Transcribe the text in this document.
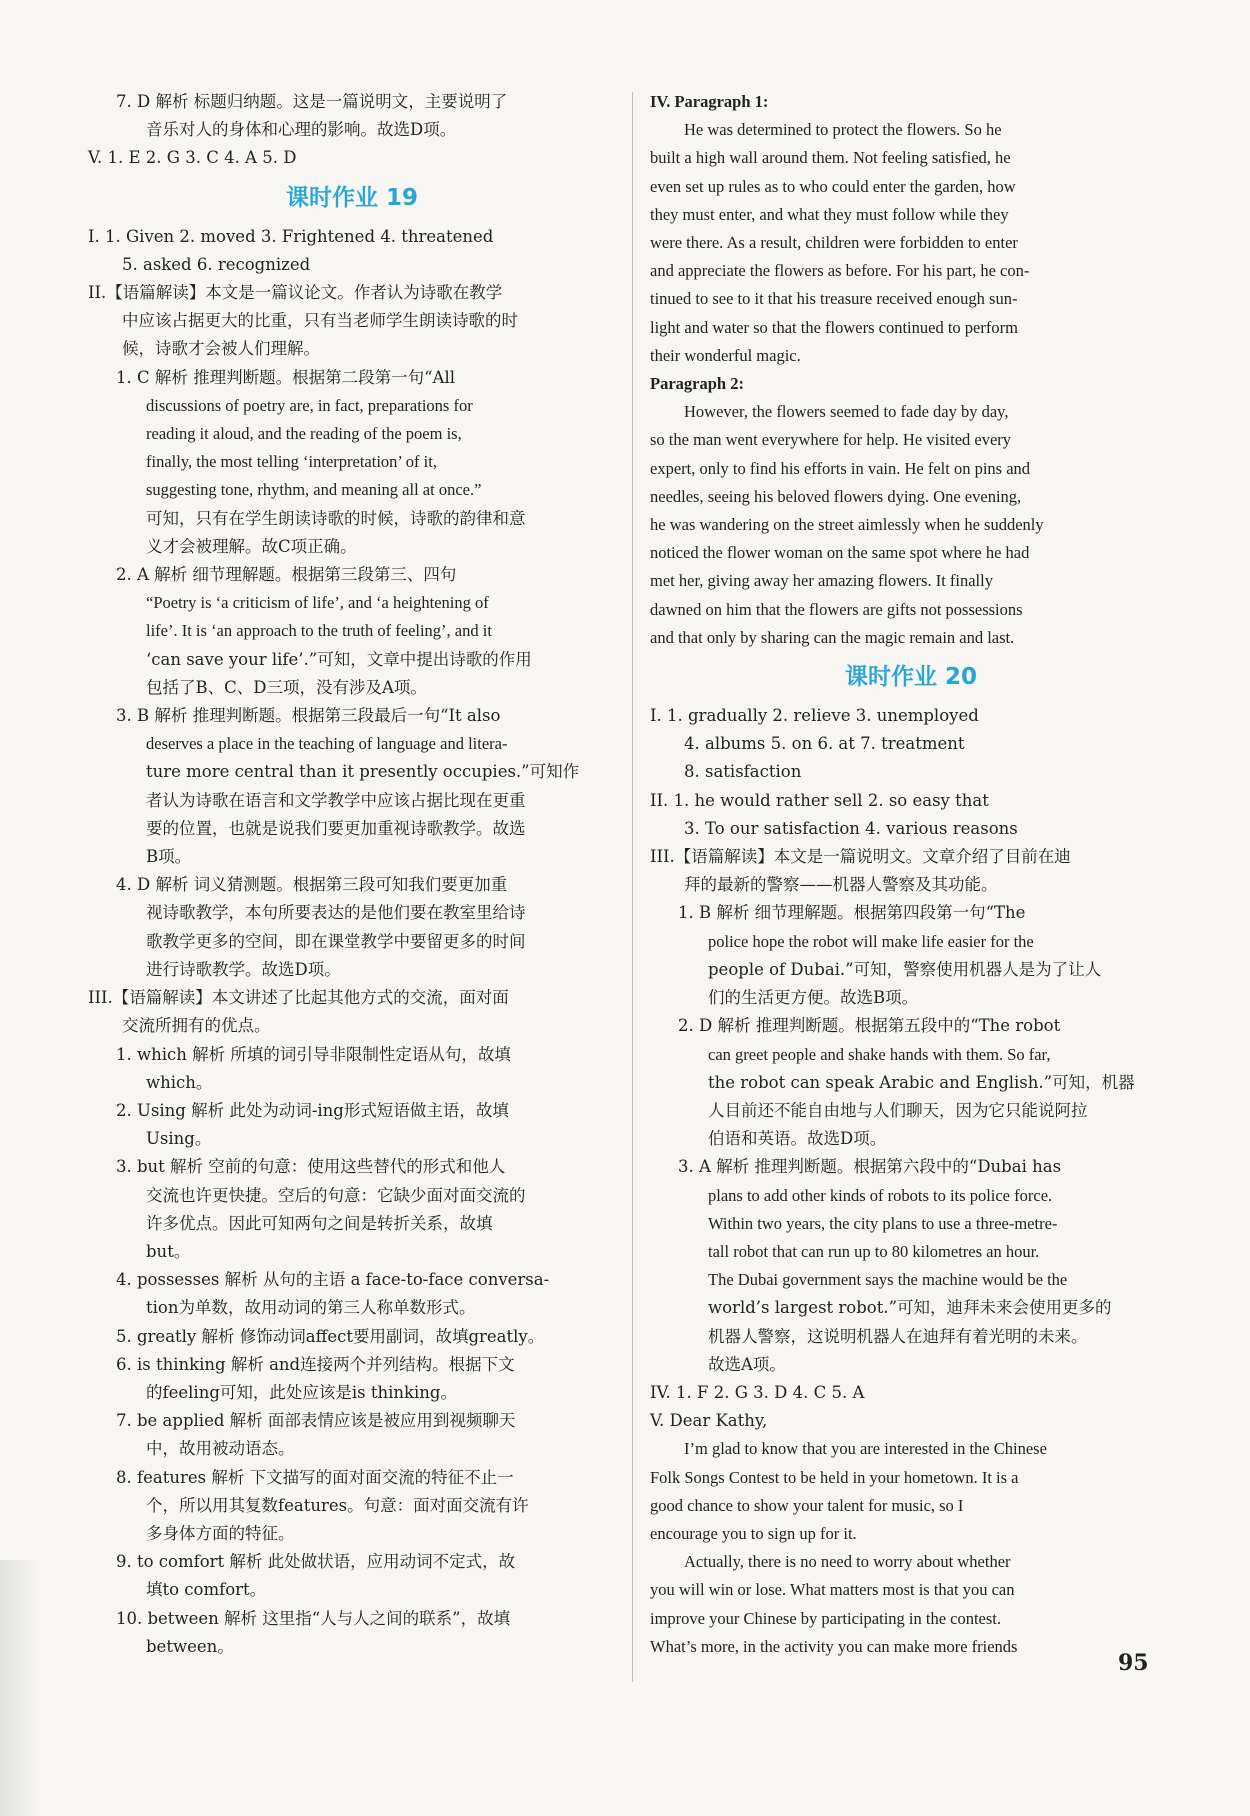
7. D 解析 标题归纳题。这是一篇说明文，主要说明了
音乐对人的身体和心理的影响。故选D项。
V. 1. E 2. G 3. C 4. A 5. D
课时作业 19
I. 1. Given 2. moved 3. Frightened 4. threatened
5. asked 6. recognized
II.【语篇解读】本文是一篇议论文。作者认为诗歌在教学
中应该占据更大的比重，只有当老师学生朗读诗歌的时
候，诗歌才会被人们理解。
1. C 解析 推理判断题。根据第二段第一句“All
discussions of poetry are, in fact, preparations for
reading it aloud, and the reading of the poem is,
finally, the most telling ‘interpretation’ of it,
suggesting tone, rhythm, and meaning all at once.”
可知，只有在学生朗读诗歌的时候，诗歌的韵律和意
义才会被理解。故C项正确。
2. A 解析 细节理解题。根据第三段第三、四句
“Poetry is ‘a criticism of life’, and ‘a heightening of
life’. It is ‘an approach to the truth of feeling’, and it
‘can save your life’.”可知，文章中提出诗歌的作用
包括了B、C、D三项，没有涉及A项。
3. B 解析 推理判断题。根据第三段最后一句“It also
deserves a place in the teaching of language and litera-
ture more central than it presently occupies.”可知作
者认为诗歌在语言和文学教学中应该占据比现在更重
要的位置，也就是说我们要更加重视诗歌教学。故选
B项。
4. D 解析 词义猜测题。根据第三段可知我们要更加重
视诗歌教学，本句所要表达的是他们要在教室里给诗
歌教学更多的空间，即在课堂教学中要留更多的时间
进行诗歌教学。故选D项。
III.【语篇解读】本文讲述了比起其他方式的交流，面对面
交流所拥有的优点。
1. which 解析 所填的词引导非限制性定语从句，故填
which。
2. Using 解析 此处为动词-ing形式短语做主语，故填
Using。
3. but 解析 空前的句意：使用这些替代的形式和他人
交流也许更快捷。空后的句意：它缺少面对面交流的
许多优点。因此可知两句之间是转折关系，故填
but。
4. possesses 解析 从句的主语 a face-to-face conversa-
tion为单数，故用动词的第三人称单数形式。
5. greatly 解析 修饰动词affect要用副词，故填greatly。
6. is thinking 解析 and连接两个并列结构。根据下文
的feeling可知，此处应该是is thinking。
7. be applied 解析 面部表情应该是被应用到视频聊天
中，故用被动语态。
8. features 解析 下文描写的面对面交流的特征不止一
个，所以用其复数features。句意：面对面交流有许
多身体方面的特征。
9. to comfort 解析 此处做状语，应用动词不定式，故
填to comfort。
10. between 解析 这里指“人与人之间的联系”，故填
between。
IV. Paragraph 1:
He was determined to protect the flowers. So he
built a high wall around them. Not feeling satisfied, he
even set up rules as to who could enter the garden, how
they must enter, and what they must follow while they
were there. As a result, children were forbidden to enter
and appreciate the flowers as before. For his part, he con-
tinued to see to it that his treasure received enough sun-
light and water so that the flowers continued to perform
their wonderful magic.
Paragraph 2:
However, the flowers seemed to fade day by day,
so the man went everywhere for help. He visited every
expert, only to find his efforts in vain. He felt on pins and
needles, seeing his beloved flowers dying. One evening,
he was wandering on the street aimlessly when he suddenly
noticed the flower woman on the same spot where he had
met her, giving away her amazing flowers. It finally
dawned on him that the flowers are gifts not possessions
and that only by sharing can the magic remain and last.
课时作业 20
I. 1. gradually 2. relieve 3. unemployed
4. albums 5. on 6. at 7. treatment
8. satisfaction
II. 1. he would rather sell 2. so easy that
3. To our satisfaction 4. various reasons
III.【语篇解读】本文是一篇说明文。文章介绍了目前在迪
拜的最新的警察——机器人警察及其功能。
1. B 解析 细节理解题。根据第四段第一句“The
police hope the robot will make life easier for the
people of Dubai.”可知，警察使用机器人是为了让人
们的生活更方便。故选B项。
2. D 解析 推理判断题。根据第五段中的“The robot
can greet people and shake hands with them. So far,
the robot can speak Arabic and English.”可知，机器
人目前还不能自由地与人们聊天，因为它只能说阿拉
伯语和英语。故选D项。
3. A 解析 推理判断题。根据第六段中的“Dubai has
plans to add other kinds of robots to its police force.
Within two years, the city plans to use a three-metre-
tall robot that can run up to 80 kilometres an hour.
The Dubai government says the machine would be the
world’s largest robot.”可知，迪拜未来会使用更多的
机器人警察，这说明机器人在迪拜有着光明的未来。
故选A项。
IV. 1. F 2. G 3. D 4. C 5. A
V. Dear Kathy,
I’m glad to know that you are interested in the Chinese
Folk Songs Contest to be held in your hometown. It is a
good chance to show your talent for music, so I
encourage you to sign up for it.
Actually, there is no need to worry about whether
you will win or lose. What matters most is that you can
improve your Chinese by participating in the contest.
What’s more, in the activity you can make more friends
95
